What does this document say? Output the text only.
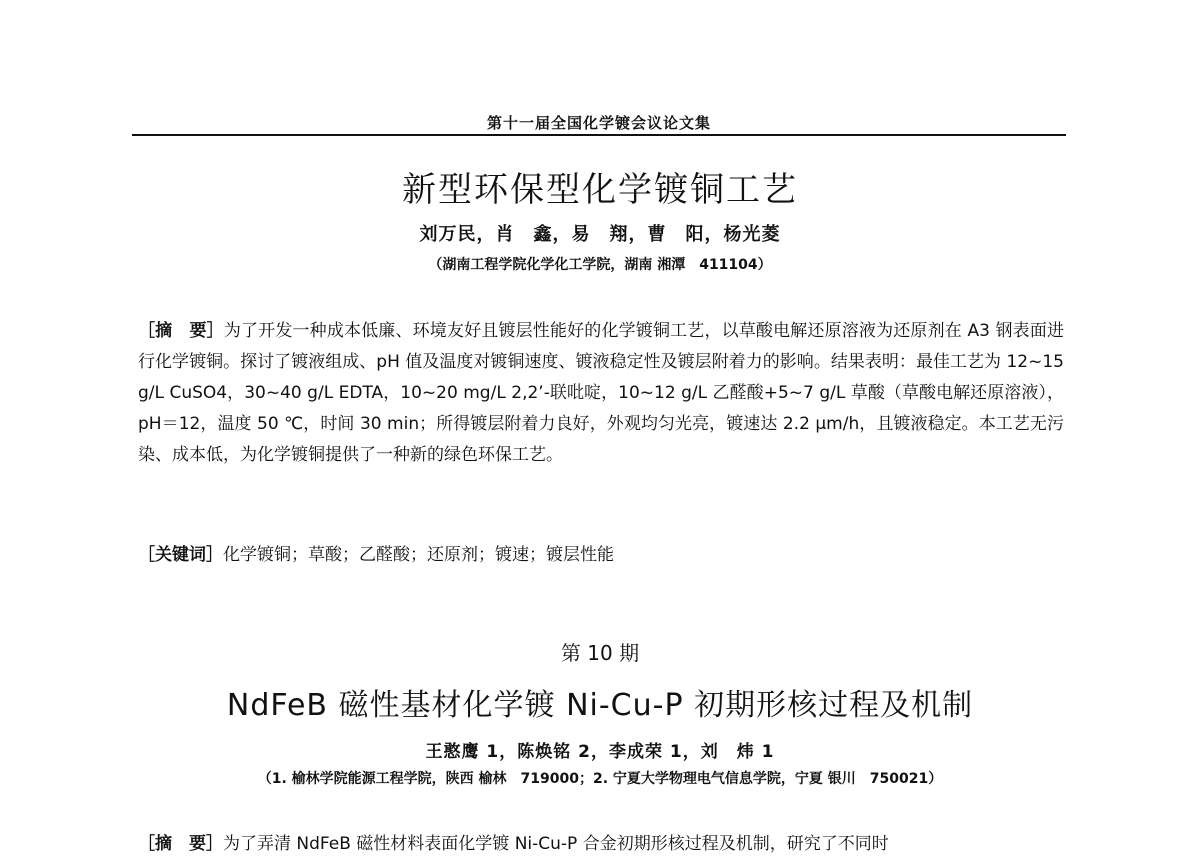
第十一届全国化学镀会议论文集
新型环保型化学镀铜工艺
刘万民，肖　鑫，易　翔，曹　阳，杨光菱
（湖南工程学院化学化工学院，湖南 湘潭　411104）
［摘　要］为了开发一种成本低廉、环境友好且镀层性能好的化学镀铜工艺，以草酸电解还原溶液为还原剂在 A3 钢表面进行化学镀铜。探讨了镀液组成、pH 值及温度对镀铜速度、镀液稳定性及镀层附着力的影响。结果表明：最佳工艺为 12~15 g/L CuSO4，30~40 g/L EDTA，10~20 mg/L 2,2’-联吡啶，10~12 g/L 乙醛酸+5~7 g/L 草酸（草酸电解还原溶液），pH＝12，温度 50 ℃，时间 30 min；所得镀层附着力良好，外观均匀光亮，镀速达 2.2 μm/h，且镀液稳定。本工艺无污染、成本低，为化学镀铜提供了一种新的绿色环保工艺。
［关键词］化学镀铜；草酸；乙醛酸；还原剂；镀速；镀层性能
第 10 期
NdFeB 磁性基材化学镀 Ni-Cu-P 初期形核过程及机制
王憨鹰 1，陈焕铭 2，李成荣 1，刘　炜 1
（1. 榆林学院能源工程学院，陕西 榆林　719000；2. 宁夏大学物理电气信息学院，宁夏 银川　750021）
［摘　要］为了弄清 NdFeB 磁性材料表面化学镀 Ni-Cu-P 合金初期形核过程及机制，研究了不同时
